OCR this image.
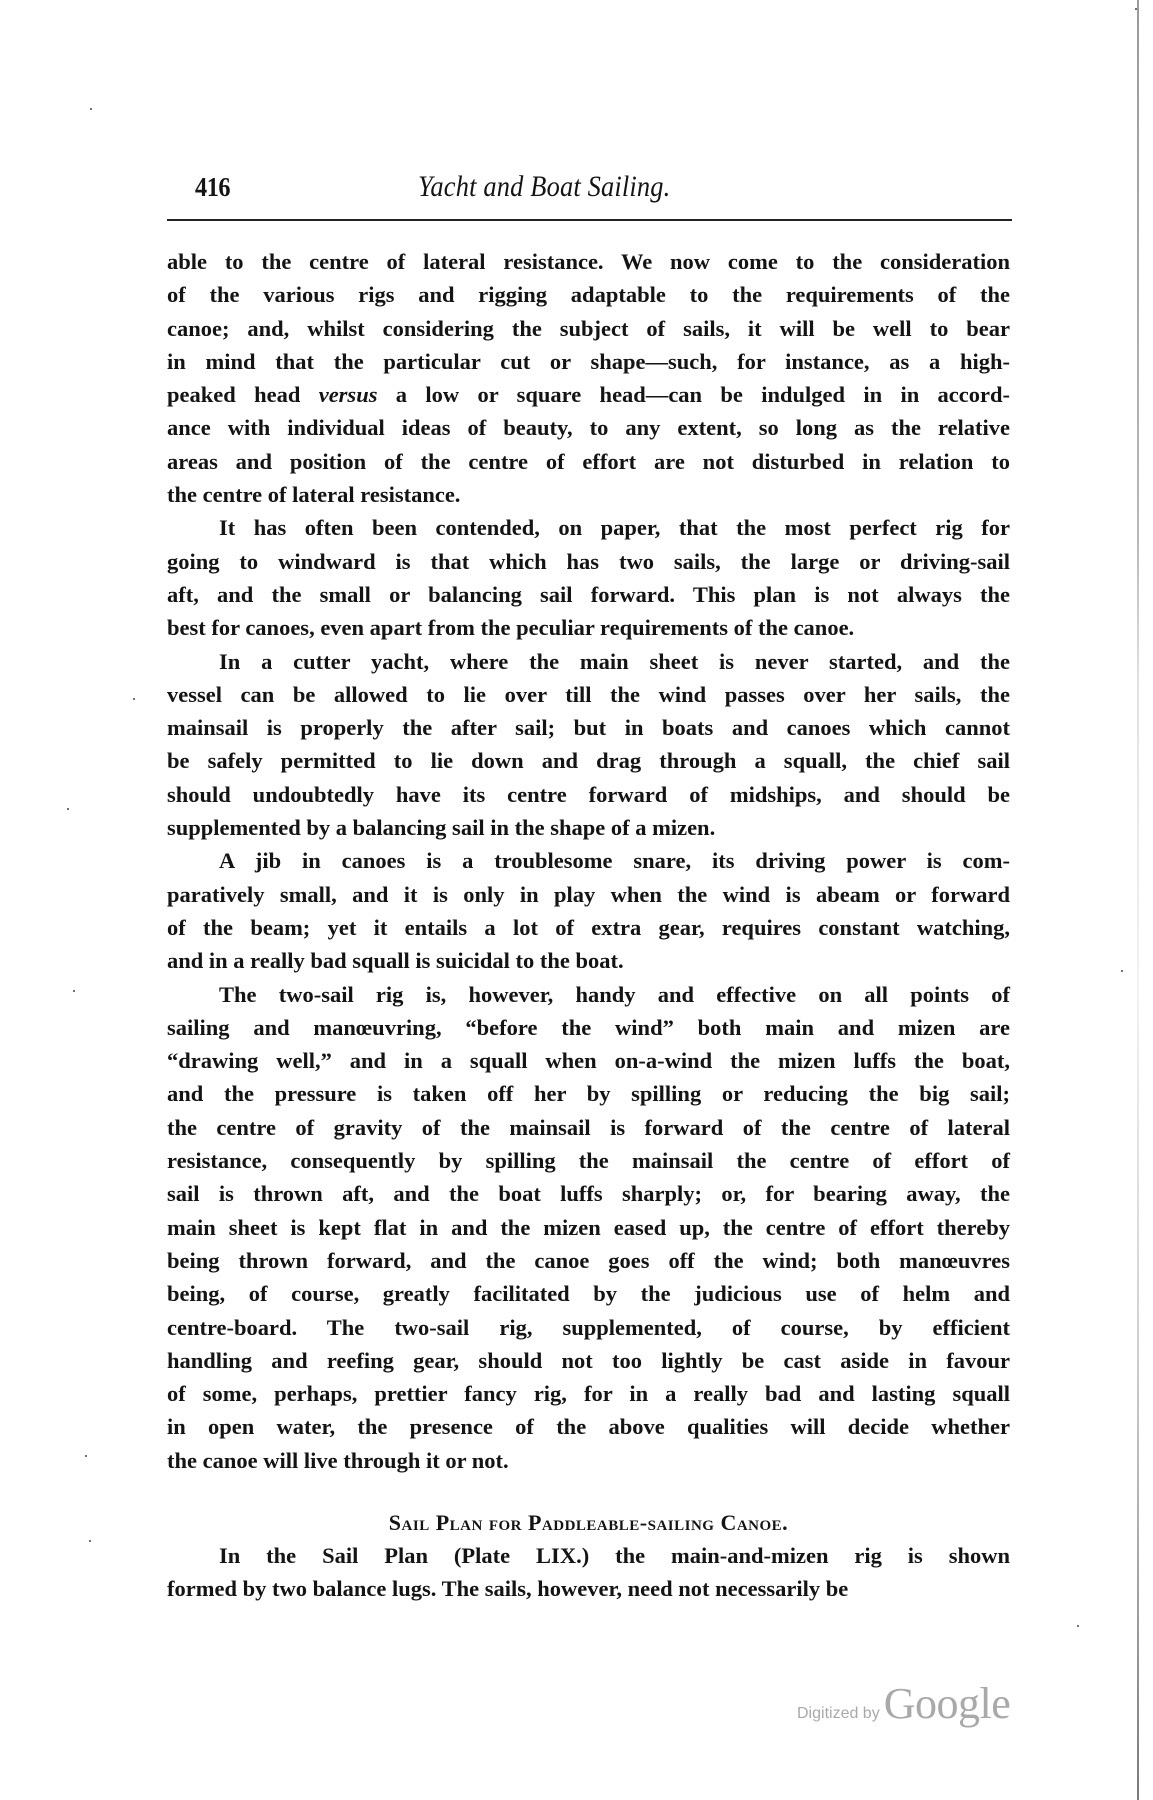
416	Yacht and Boat Sailing.

able to the centre of lateral resistance. We now come to the consideration
of the various rigs and rigging adaptable to the requirements of the
canoe; and, whilst considering the subject of sails, it will be well to bear
in mind that the particular cut or shape—such, for instance, as a high-
peaked head versus a low or square head—can be indulged in in accord-
ance with individual ideas of beauty, to any extent, so long as the relative
areas and position of the centre of effort are not disturbed in relation to
the centre of lateral resistance.

It has often been contended, on paper, that the most perfect rig for
going to windward is that which has two sails, the large or driving-sail
aft, and the small or balancing sail forward. This plan is not always the
best for canoes, even apart from the peculiar requirements of the canoe.

In a cutter yacht, where the main sheet is never started, and the
vessel can be allowed to lie over till the wind passes over her sails, the
mainsail is properly the after sail; but in boats and canoes which cannot
be safely permitted to lie down and drag through a squall, the chief sail
should undoubtedly have its centre forward of midships, and should be
supplemented by a balancing sail in the shape of a mizen.

A jib in canoes is a troublesome snare, its driving power is com-
paratively small, and it is only in play when the wind is abeam or forward
of the beam; yet it entails a lot of extra gear, requires constant watching,
and in a really bad squall is suicidal to the boat.

The two-sail rig is, however, handy and effective on all points of
sailing and manœuvring, “before the wind” both main and mizen are
“drawing well,” and in a squall when on-a-wind the mizen luffs the boat,
and the pressure is taken off her by spilling or reducing the big sail;
the centre of gravity of the mainsail is forward of the centre of lateral
resistance, consequently by spilling the mainsail the centre of effort of
sail is thrown aft, and the boat luffs sharply; or, for bearing away, the
main sheet is kept flat in and the mizen eased up, the centre of effort thereby
being thrown forward, and the canoe goes off the wind; both manœuvres
being, of course, greatly facilitated by the judicious use of helm and
centre-board. The two-sail rig, supplemented, of course, by efficient
handling and reefing gear, should not too lightly be cast aside in favour
of some, perhaps, prettier fancy rig, for in a really bad and lasting squall
in open water, the presence of the above qualities will decide whether
the canoe will live through it or not.

Sail Plan for Paddleable-sailing Canoe.

In the Sail Plan (Plate LIX.) the main-and-mizen rig is shown
formed by two balance lugs. The sails, however, need not necessarily be

Digitized byGoogle
